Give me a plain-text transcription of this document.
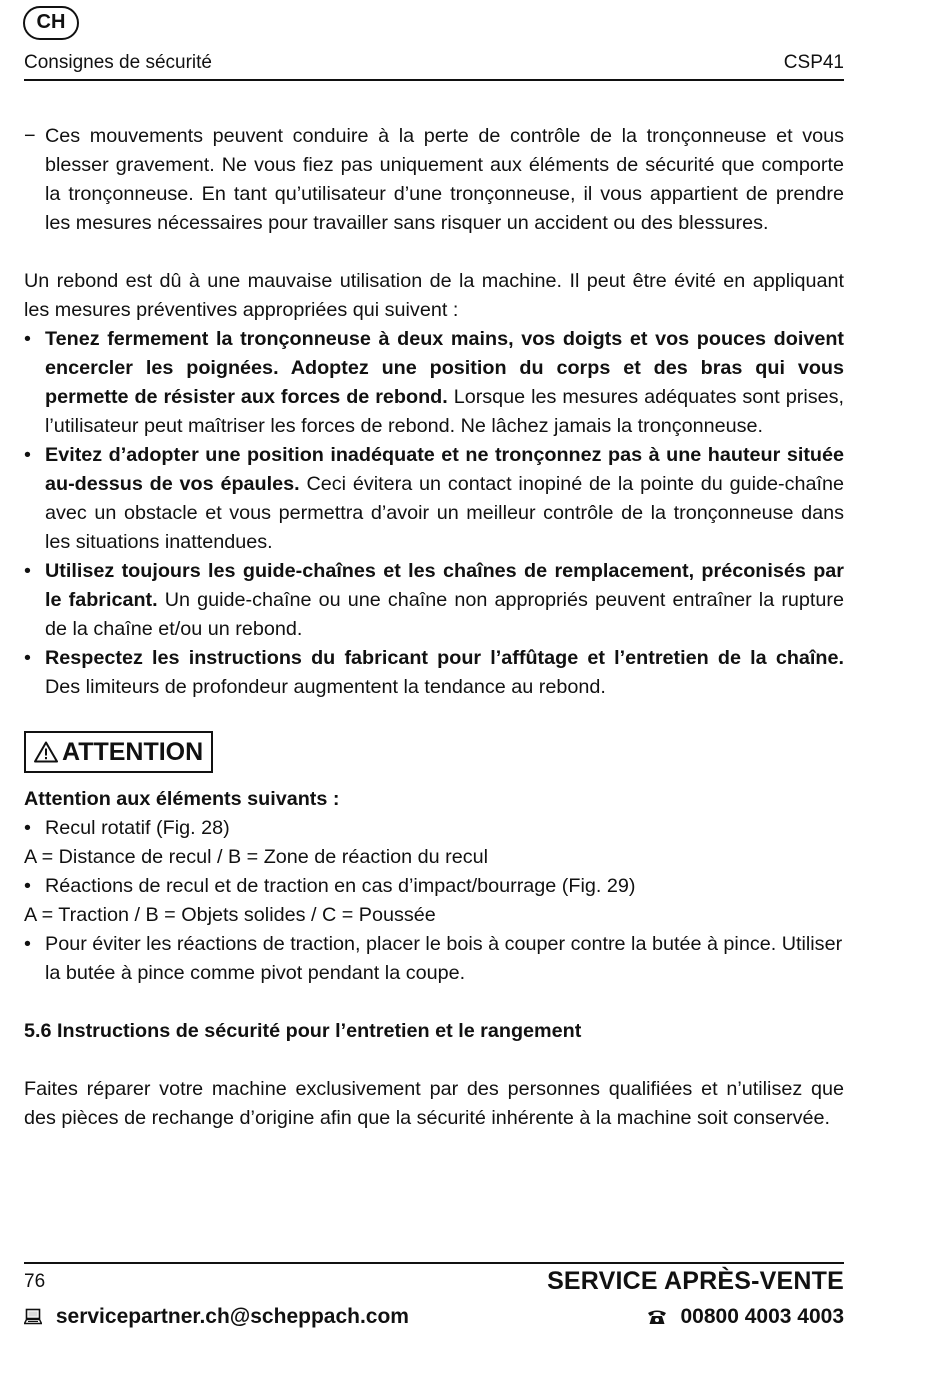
CH
Consignes de sécurité	CSP41
− Ces mouvements peuvent conduire à la perte de contrôle de la tronçonneuse et vous blesser gravement. Ne vous fiez pas uniquement aux éléments de sécurité que comporte la tronçonneuse. En tant qu’utilisateur d’une tronçonneuse, il vous appartient de prendre les mesures nécessaires pour travailler sans risquer un accident ou des blessures.

Un rebond est dû à une mauvaise utilisation de la machine. Il peut être évité en appliquant les mesures préventives appropriées qui suivent :

• Tenez fermement la tronçonneuse à deux mains, vos doigts et vos pouces doivent encercler les poignées. Adoptez une position du corps et des bras qui vous permette de résister aux forces de rebond. Lorsque les mesures adéquates sont prises, l’utilisateur peut maîtriser les forces de rebond. Ne lâchez jamais la tronçonneuse.
• Evitez d’adopter une position inadéquate et ne tronçonnez pas à une hauteur située au-dessus de vos épaules. Ceci évitera un contact inopiné de la pointe du guide-chaîne avec un obstacle et vous permettra d’avoir un meilleur contrôle de la tronçonneuse dans les situations inattendues.
• Utilisez toujours les guide-chaînes et les chaînes de remplacement, préconisés par le fabricant. Un guide-chaîne ou une chaîne non appropriés peuvent entraîner la rupture de la chaîne et/ou un rebond.
• Respectez les instructions du fabricant pour l’affûtage et l’entretien de la chaîne. Des limiteurs de profondeur augmentent la tendance au rebond.
ATTENTION
Attention aux éléments suivants :
• Recul rotatif (Fig. 28)
A = Distance de recul / B = Zone de réaction du recul
• Réactions de recul et de traction en cas d’impact/bourrage (Fig. 29)
A = Traction / B = Objets solides / C = Poussée
• Pour éviter les réactions de traction, placer le bois à couper contre la butée à pince. Utiliser la butée à pince comme pivot pendant la coupe.
5.6 Instructions de sécurité pour l’entretien et le rangement

Faites réparer votre machine exclusivement par des personnes qualifiées et n’utilisez que des pièces de rechange d’origine afin que la sécurité inhérente à la machine soit conservée.

76	SERVICE APRÈS-VENTE
servicepartner.ch@scheppach.com	00800 4003 4003
